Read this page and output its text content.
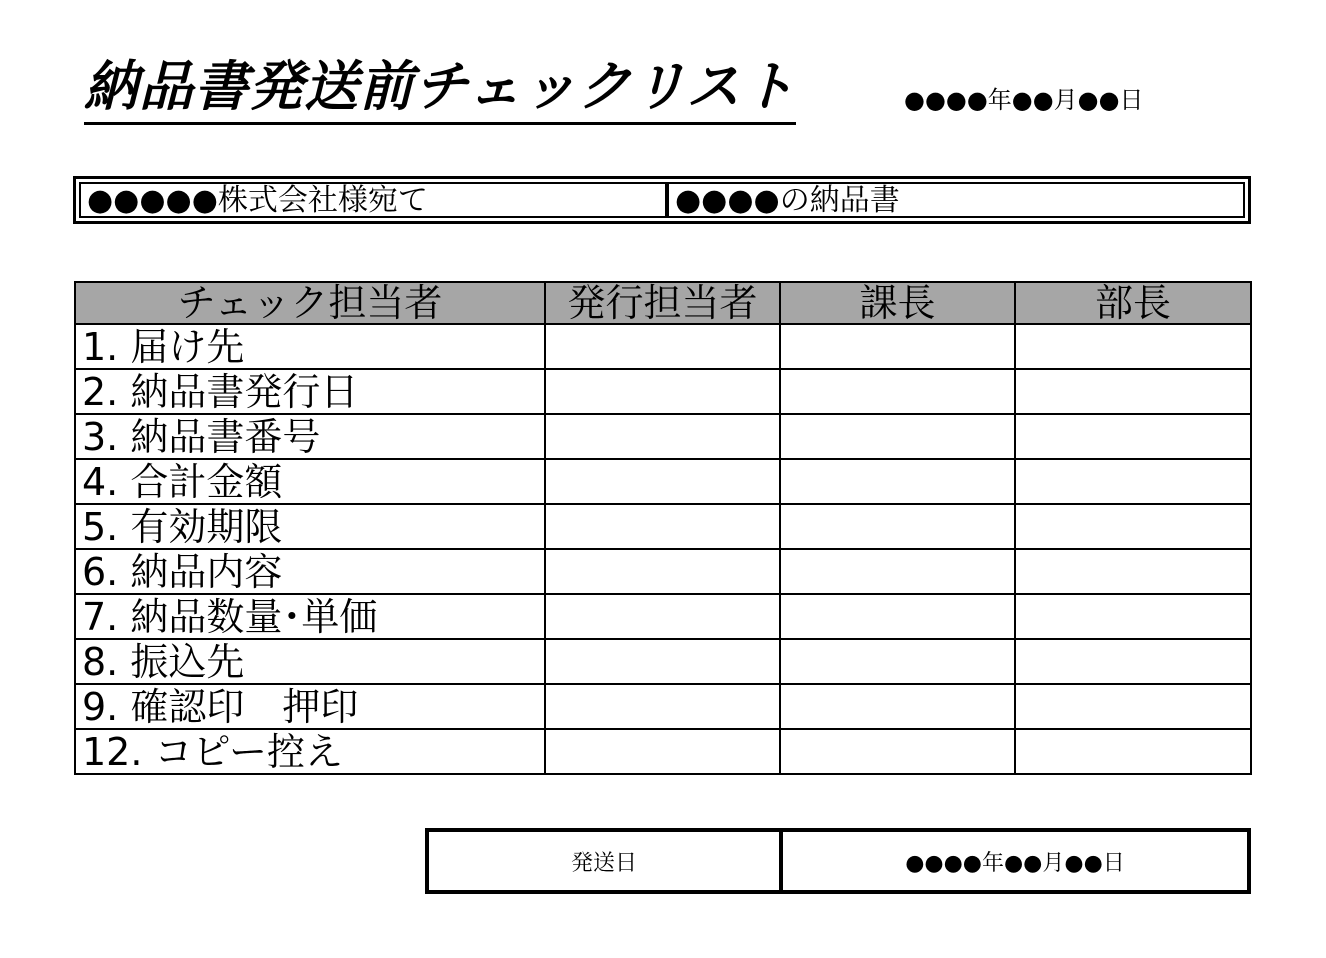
納品書発送前チェックリスト	●●●●年●●月●●日
●●●●●株式会社様宛て	●●●●の納品書
チェック担当者	発行担当者	課長	部長
1. 届け先			
2. 納品書発行日			
3. 納品書番号			
4. 合計金額			
5. 有効期限			
6. 納品内容			
7. 納品数量･単価			
8. 振込先			
9. 確認印　押印			
12. コピー控え			
発送日	●●●●年●●月●●日
